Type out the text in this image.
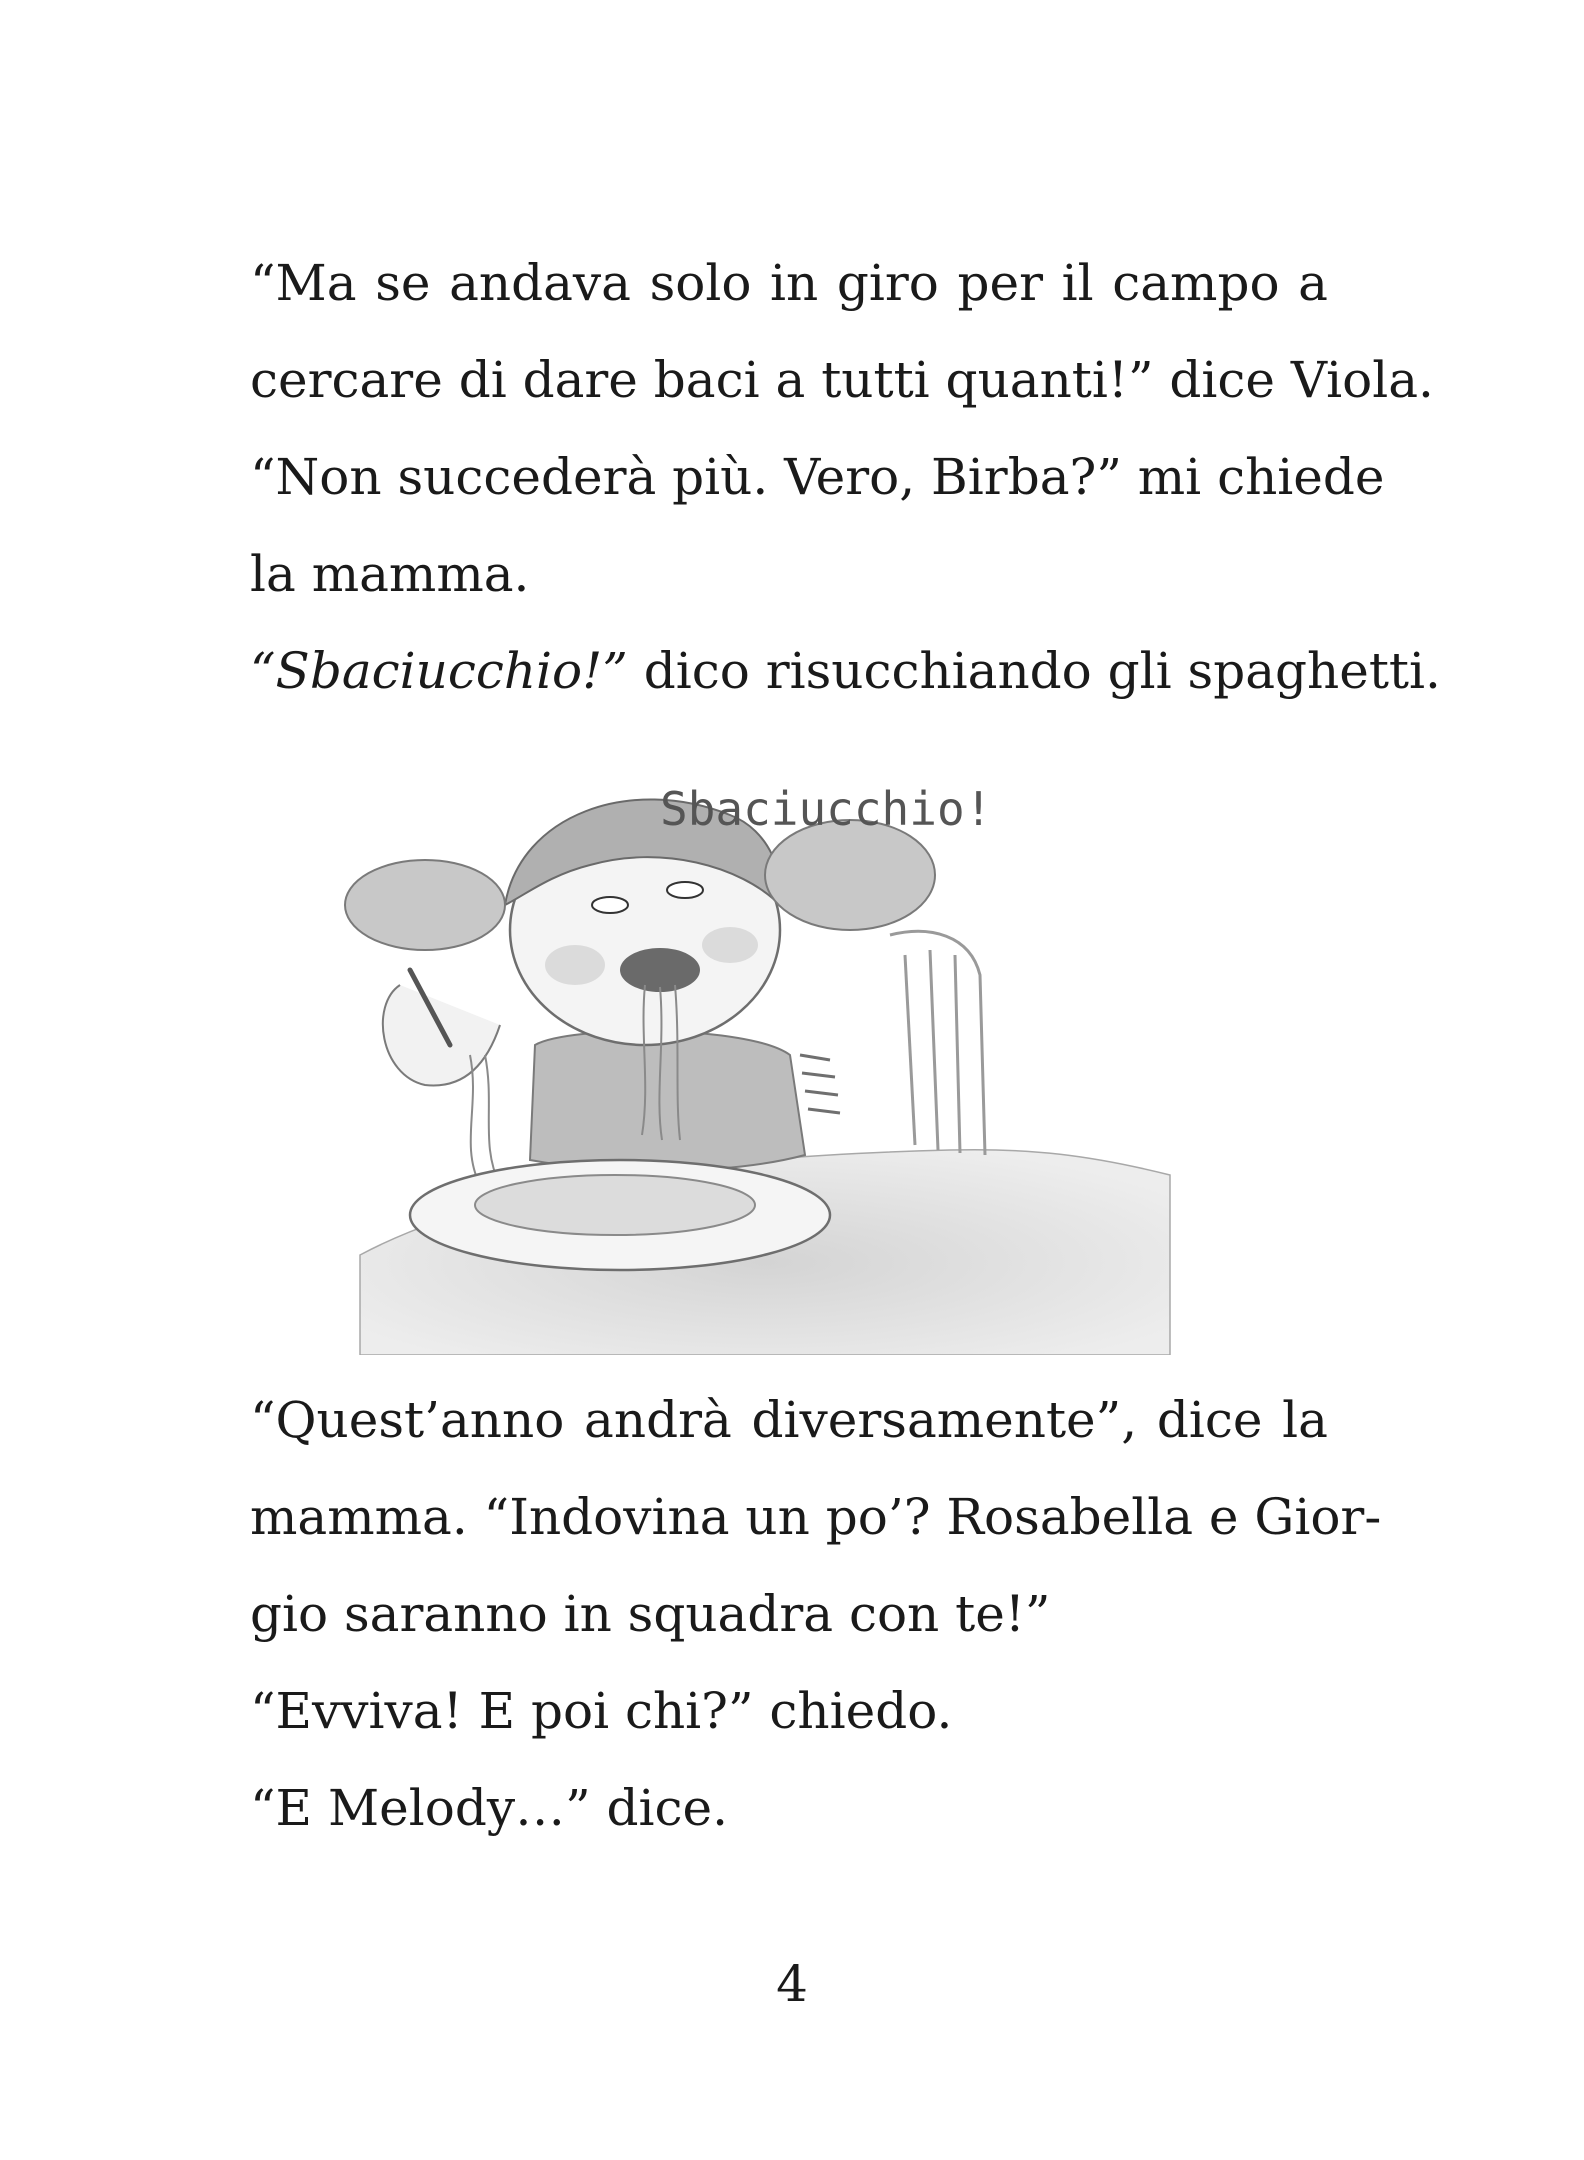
“Ma se andava solo in giro per il campo a
cercare di dare baci a tutti quanti!” dice Viola.
“Non succederà più. Vero, Birba?” mi chiede
la mamma.
“Sbaciucchio!” dico risucchiando gli spaghetti.
Sbaciucchio!
“Quest’anno andrà diversamente”, dice la
mamma. “Indovina un po’? Rosabella e Gior-
gio saranno in squadra con te!”
“Evviva! E poi chi?” chiedo.
“E Melody…” dice.
4
